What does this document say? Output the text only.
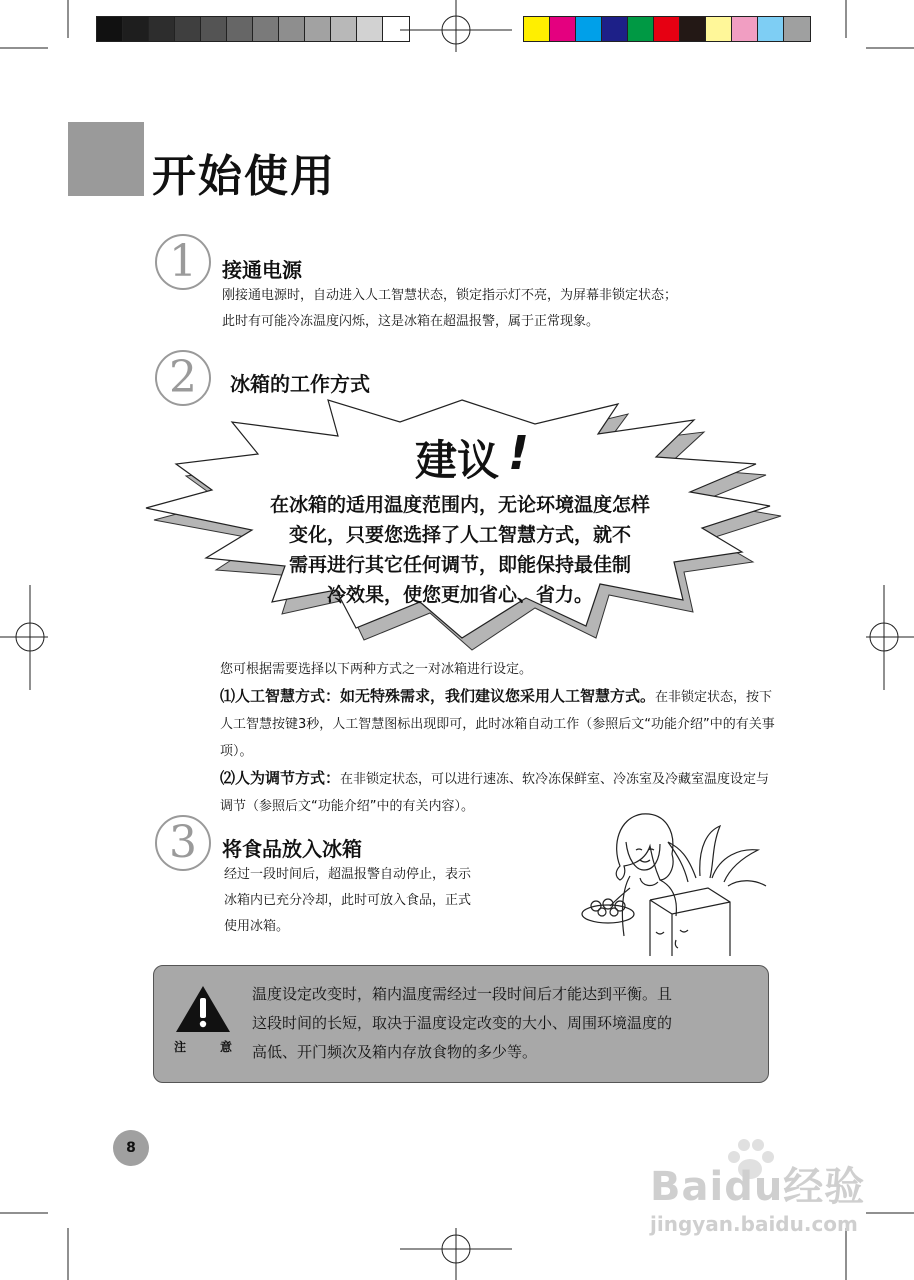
开始使用
1	接通电源
刚接通电源时，自动进入人工智慧状态，锁定指示灯不亮，为屏幕非锁定状态；
此时有可能冷冻温度闪烁，这是冰箱在超温报警，属于正常现象。
2	冰箱的工作方式
建议 !
在冰箱的适用温度范围内，无论环境温度怎样
变化，只要您选择了人工智慧方式，就不
需再进行其它任何调节，即能保持最佳制
冷效果，使您更加省心、省力。
您可根据需要选择以下两种方式之一对冰箱进行设定。
⑴人工智慧方式：如无特殊需求，我们建议您采用人工智慧方式。在非锁定状态，按下人工智慧按键3秒，人工智慧图标出现即可，此时冰箱自动工作（参照后文“功能介绍”中的有关事项）。
⑵人为调节方式：在非锁定状态，可以进行速冻、软冷冻保鲜室、冷冻室及冷藏室温度设定与调节（参照后文“功能介绍”中的有关内容）。
3	将食品放入冰箱
经过一段时间后，超温报警自动停止，表示
冰箱内已充分冷却，此时可放入食品，正式
使用冰箱。
注	意
温度设定改变时，箱内温度需经过一段时间后才能达到平衡。且
这段时间的长短，取决于温度设定改变的大小、周围环境温度的
高低、开门频次及箱内存放食物的多少等。
8
Baidu经验
jingyan.baidu.com
